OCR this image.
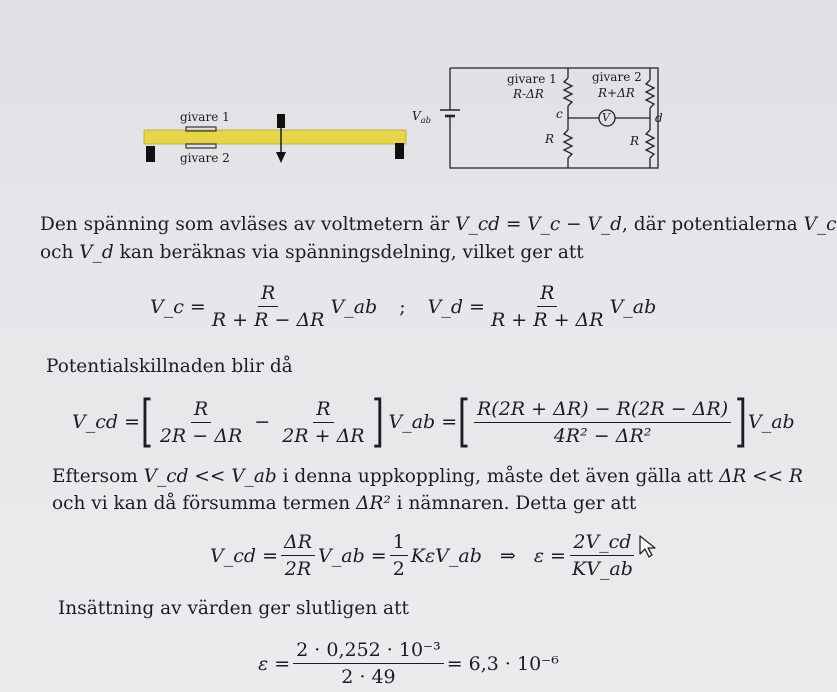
givare 1
givare 2
$V_{ab}$
givare 1
R-ΔR
givare 2
R+ΔR
c	d
R	R
V
Den spänning som avläses av voltmetern är V_cd = V_c − V_d, där potentialerna V_c
och V_d kan beräknas via spänningsdelning, vilket ger att
V_c = $\frac{R}{R + R - \Delta R}$ V_ab ; V_d = $\frac{R}{R + R + \Delta R}$ V_ab
Potentialskillnaden blir då
V_cd = [ $\frac{R}{2R - \Delta R} - \frac{R}{2R + \Delta R}$ ] V_ab = [ $\frac{R(2R + \Delta R) - R(2R - \Delta R)}{\text{4R² − ΔR²}}$ ] V_ab
Eftersom V_cd << V_ab i denna uppkoppling, måste det även gälla att ΔR << R
och vi kan då försumma termen ΔR² i nämnaren. Detta ger att
V_cd = $\frac{\Delta R}{2R}$ V_ab = $\frac{1}{2}$ KεV_ab ⇒ $\varepsilon = \frac{2V\_cd}{KV\_ab}$
Insättning av värden ger slutligen att
$\varepsilon = \frac{\text{2 · 0,252 · 10⁻³}}{2 \cdot 49} = 6,3 \cdot 10^{-6}$
